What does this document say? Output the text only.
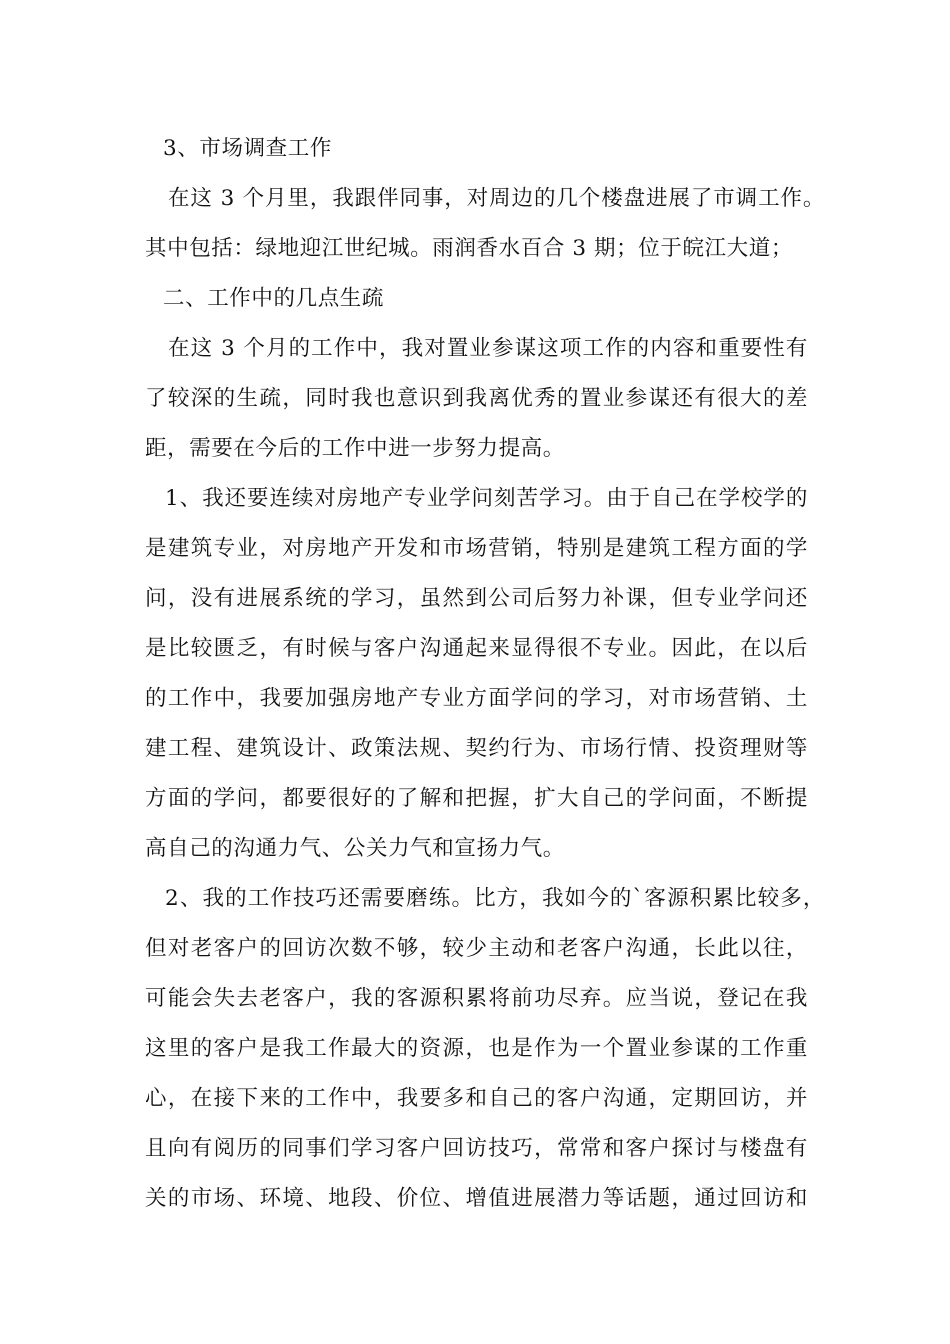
3、市场调查工作
在这 3 个月里，我跟伴同事，对周边的几个楼盘进展了市调工作。
其中包括：绿地迎江世纪城。雨润香水百合 3 期；位于皖江大道；
二、工作中的几点生疏
在这 3 个月的工作中，我对置业参谋这项工作的内容和重要性有
了较深的生疏，同时我也意识到我离优秀的置业参谋还有很大的差
距，需要在今后的工作中进一步努力提高。
1、我还要连续对房地产专业学问刻苦学习。由于自己在学校学的
是建筑专业，对房地产开发和市场营销，特别是建筑工程方面的学
问，没有进展系统的学习，虽然到公司后努力补课，但专业学问还
是比较匮乏，有时候与客户沟通起来显得很不专业。因此，在以后
的工作中，我要加强房地产专业方面学问的学习，对市场营销、土
建工程、建筑设计、政策法规、契约行为、市场行情、投资理财等
方面的学问，都要很好的了解和把握，扩大自己的学问面，不断提
高自己的沟通力气、公关力气和宣扬力气。
2、我的工作技巧还需要磨练。比方，我如今的`客源积累比较多，
但对老客户的回访次数不够，较少主动和老客户沟通，长此以往，
可能会失去老客户，我的客源积累将前功尽弃。应当说，登记在我
这里的客户是我工作最大的资源，也是作为一个置业参谋的工作重
心，在接下来的工作中，我要多和自己的客户沟通，定期回访，并
且向有阅历的同事们学习客户回访技巧，常常和客户探讨与楼盘有
关的市场、环境、地段、价位、增值进展潜力等话题，通过回访和
